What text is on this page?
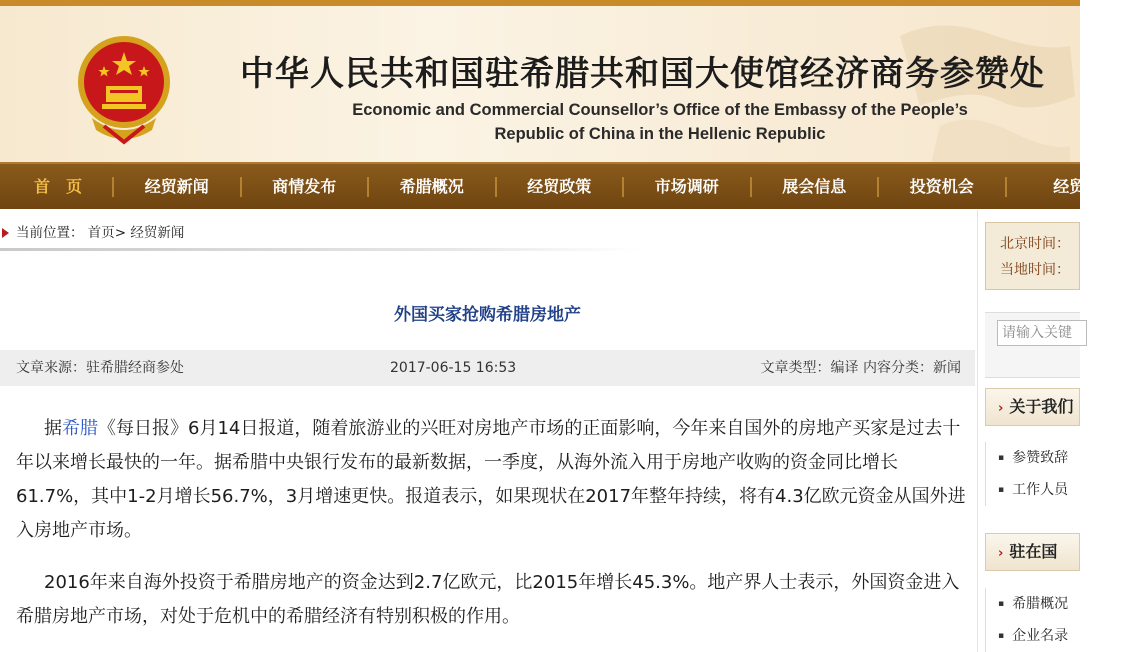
中华人民共和国驻希腊共和国大使馆经济商务参赞处
Economic and Commercial Counsellor’s Office of the Embassy of the People’s
Republic of China in the Hellenic Republic
首　页	经贸新闻	商情发布	希腊概况	经贸政策	市场调研	展会信息	投资机会	经贸
当前位置： 首页> 经贸新闻
外国买家抢购希腊房地产
文章来源：驻希腊经商参处	2017-06-15 16:53	文章类型：编译 内容分类：新闻

据希腊《每日报》6月14日报道，随着旅游业的兴旺对房地产市场的正面影响，今年来自国外的房地产买家是过去十年以来增长最快的一年。据希腊中央银行发布的最新数据，一季度，从海外流入用于房地产收购的资金同比增长61.7%，其中1-2月增长56.7%，3月增速更快。报道表示，如果现状在2017年整年持续，将有4.3亿欧元资金从国外进入房地产市场。

2016年来自海外投资于希腊房地产的资金达到2.7亿欧元，比2015年增长45.3%。地产界人士表示，外国资金进入希腊房地产市场，对处于危机中的希腊经济有特别积极的作用。

北京时间：
当地时间：
请输入关键
› 关于我们
▪ 参赞致辞
▪ 工作人员
› 驻在国
▪ 希腊概况
▪ 企业名录
